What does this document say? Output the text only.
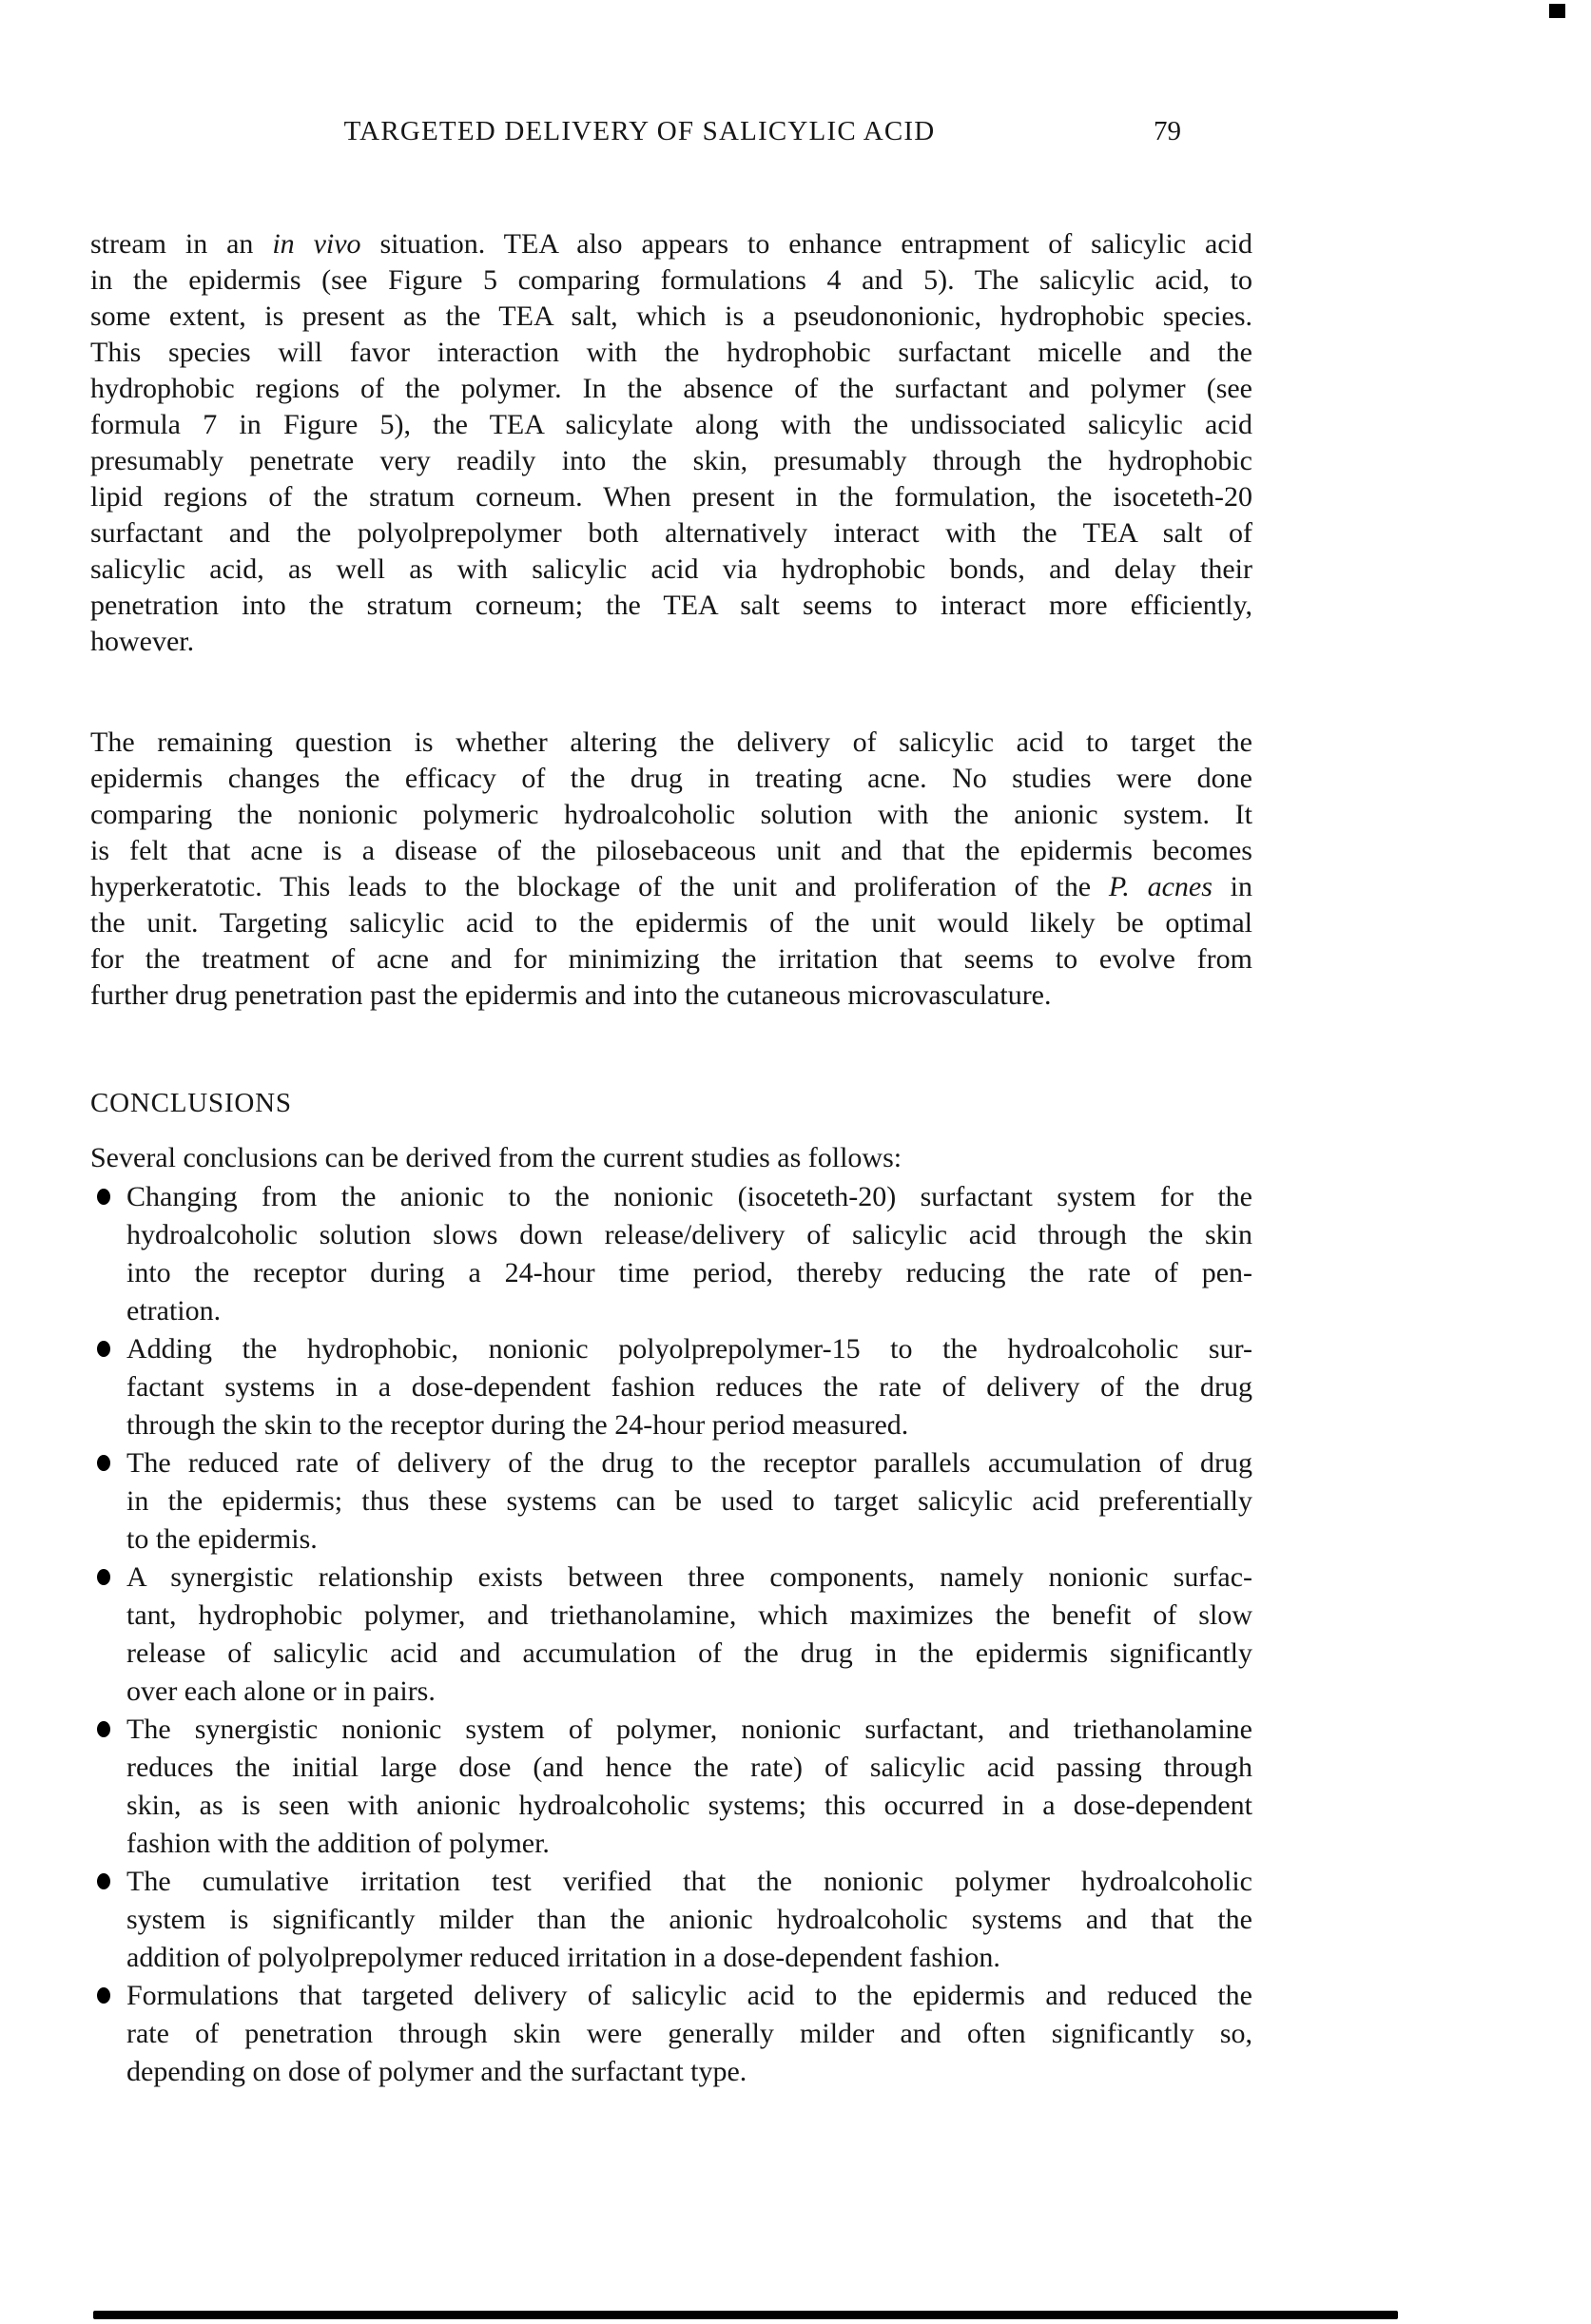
TARGETED DELIVERY OF SALICYLIC ACID	79
stream in an in vivo situation. TEA also appears to enhance entrapment of salicylic acid
in the epidermis (see Figure 5 comparing formulations 4 and 5). The salicylic acid, to
some extent, is present as the TEA salt, which is a pseudononionic, hydrophobic species.
This species will favor interaction with the hydrophobic surfactant micelle and the
hydrophobic regions of the polymer. In the absence of the surfactant and polymer (see
formula 7 in Figure 5), the TEA salicylate along with the undissociated salicylic acid
presumably penetrate very readily into the skin, presumably through the hydrophobic
lipid regions of the stratum corneum. When present in the formulation, the isoceteth-20
surfactant and the polyolprepolymer both alternatively interact with the TEA salt of
salicylic acid, as well as with salicylic acid via hydrophobic bonds, and delay their
penetration into the stratum corneum; the TEA salt seems to interact more efficiently,
however.
The remaining question is whether altering the delivery of salicylic acid to target the
epidermis changes the efficacy of the drug in treating acne. No studies were done
comparing the nonionic polymeric hydroalcoholic solution with the anionic system. It
is felt that acne is a disease of the pilosebaceous unit and that the epidermis becomes
hyperkeratotic. This leads to the blockage of the unit and proliferation of the P. acnes in
the unit. Targeting salicylic acid to the epidermis of the unit would likely be optimal
for the treatment of acne and for minimizing the irritation that seems to evolve from
further drug penetration past the epidermis and into the cutaneous microvasculature.
CONCLUSIONS
Several conclusions can be derived from the current studies as follows:
Changing from the anionic to the nonionic (isoceteth-20) surfactant system for the
hydroalcoholic solution slows down release/delivery of salicylic acid through the skin
into the receptor during a 24-hour time period, thereby reducing the rate of pen-
etration.
Adding the hydrophobic, nonionic polyolprepolymer-15 to the hydroalcoholic sur-
factant systems in a dose-dependent fashion reduces the rate of delivery of the drug
through the skin to the receptor during the 24-hour period measured.
The reduced rate of delivery of the drug to the receptor parallels accumulation of drug
in the epidermis; thus these systems can be used to target salicylic acid preferentially
to the epidermis.
A synergistic relationship exists between three components, namely nonionic surfac-
tant, hydrophobic polymer, and triethanolamine, which maximizes the benefit of slow
release of salicylic acid and accumulation of the drug in the epidermis significantly
over each alone or in pairs.
The synergistic nonionic system of polymer, nonionic surfactant, and triethanolamine
reduces the initial large dose (and hence the rate) of salicylic acid passing through
skin, as is seen with anionic hydroalcoholic systems; this occurred in a dose-dependent
fashion with the addition of polymer.
The cumulative irritation test verified that the nonionic polymer hydroalcoholic
system is significantly milder than the anionic hydroalcoholic systems and that the
addition of polyolprepolymer reduced irritation in a dose-dependent fashion.
Formulations that targeted delivery of salicylic acid to the epidermis and reduced the
rate of penetration through skin were generally milder and often significantly so,
depending on dose of polymer and the surfactant type.
